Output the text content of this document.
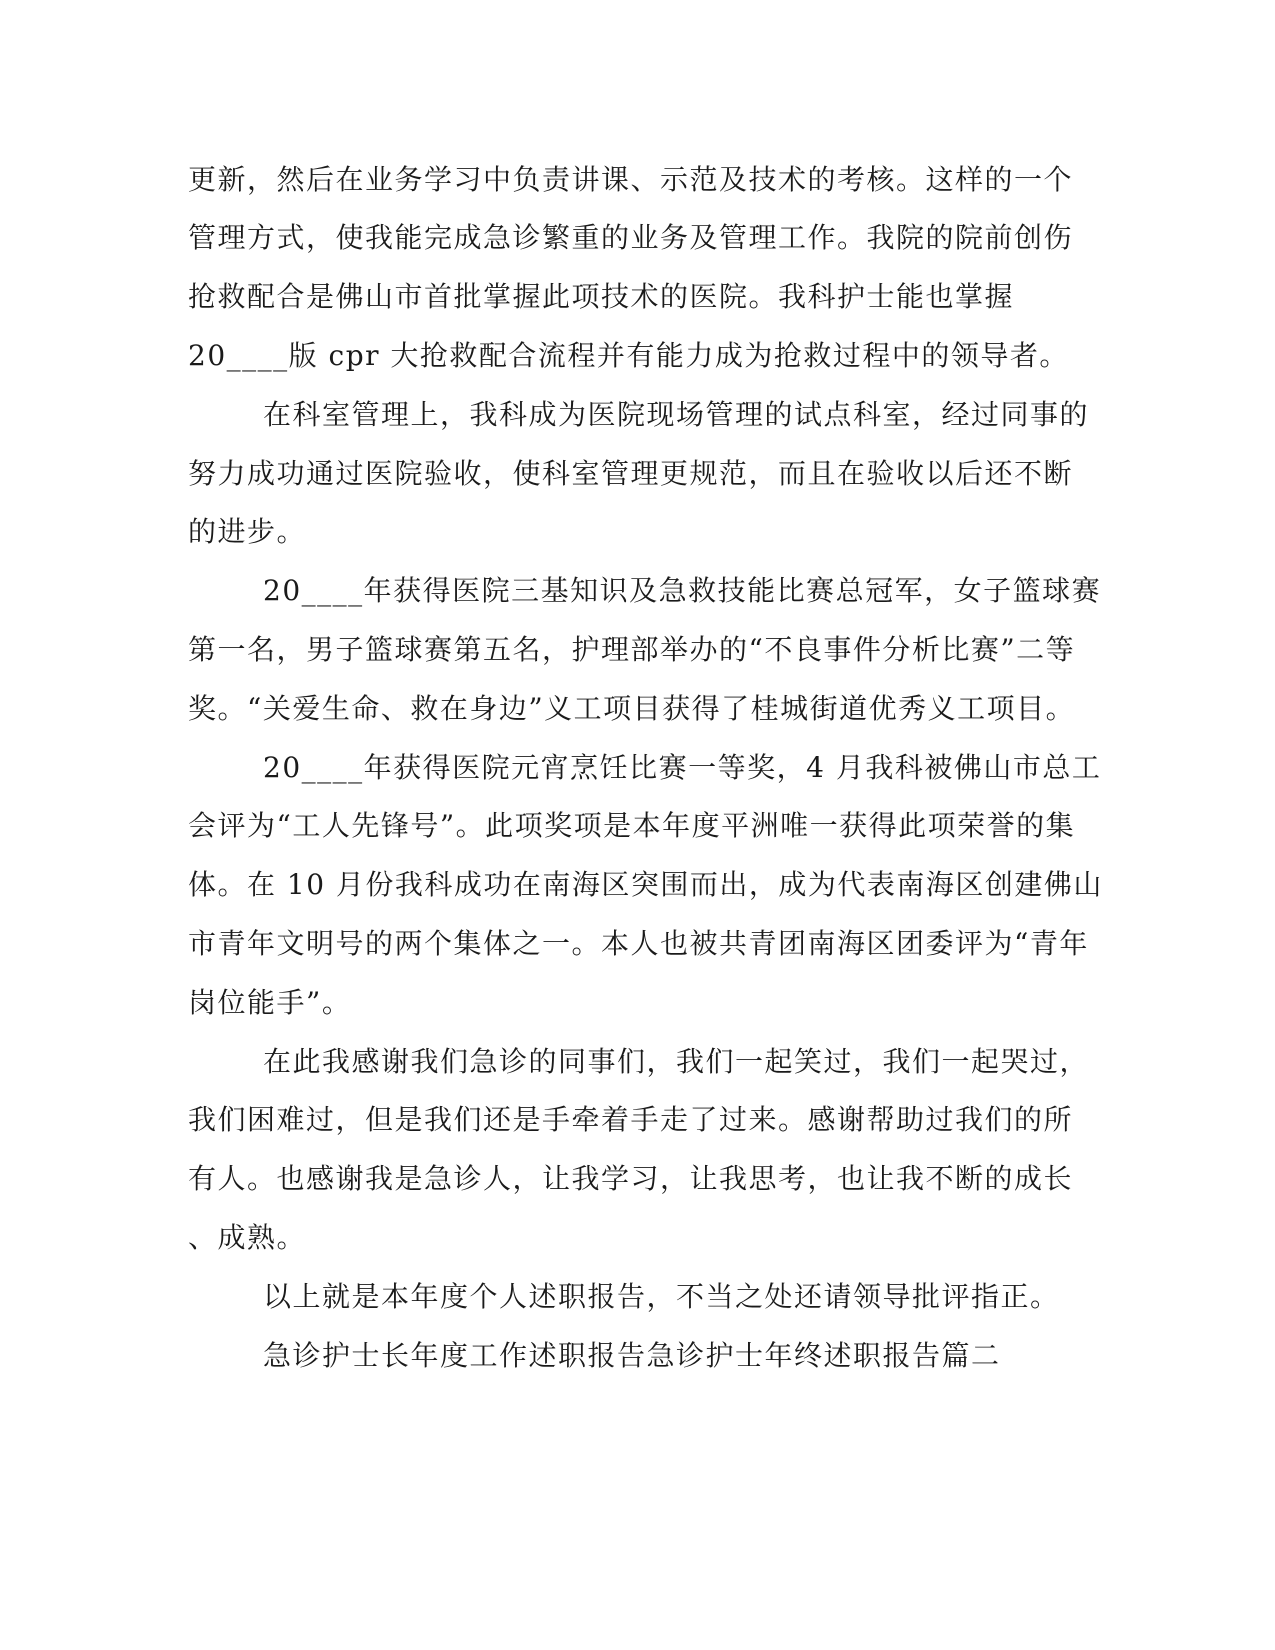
更新，然后在业务学习中负责讲课、示范及技术的考核。这样的一个
管理方式，使我能完成急诊繁重的业务及管理工作。我院的院前创伤
抢救配合是佛山市首批掌握此项技术的医院。我科护士能也掌握
20____版 cpr 大抢救配合流程并有能力成为抢救过程中的领导者。
在科室管理上，我科成为医院现场管理的试点科室，经过同事的
努力成功通过医院验收，使科室管理更规范，而且在验收以后还不断
的进步。
20____年获得医院三基知识及急救技能比赛总冠军，女子篮球赛
第一名，男子篮球赛第五名，护理部举办的“不良事件分析比赛”二等
奖。“关爱生命、救在身边”义工项目获得了桂城街道优秀义工项目。
20____年获得医院元宵烹饪比赛一等奖，4 月我科被佛山市总工
会评为“工人先锋号”。此项奖项是本年度平洲唯一获得此项荣誉的集
体。在 10 月份我科成功在南海区突围而出，成为代表南海区创建佛山
市青年文明号的两个集体之一。本人也被共青团南海区团委评为“青年
岗位能手”。
在此我感谢我们急诊的同事们，我们一起笑过，我们一起哭过，
我们困难过，但是我们还是手牵着手走了过来。感谢帮助过我们的所
有人。也感谢我是急诊人，让我学习，让我思考，也让我不断的成长
、成熟。
以上就是本年度个人述职报告，不当之处还请领导批评指正。
急诊护士长年度工作述职报告急诊护士年终述职报告篇二
